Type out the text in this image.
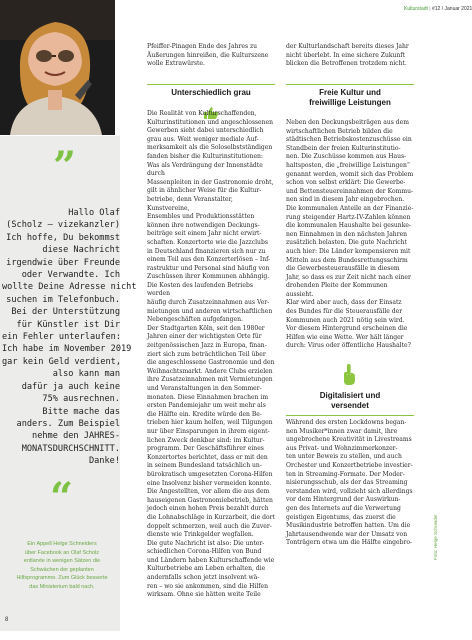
Kulturstadt | #12 / Januar 2021
”
Hallo Olaf
(Scholz – vizekanzler)
Ich hoffe, Du bekommst
diese Nachricht
irgendwie über Freunde
oder Verwandte. Ich
wollte Deine Adresse nicht
suchen im Telefonbuch.
Bei der Unterstützung
für Künstler ist Dir
ein Fehler unterlaufen:
Ich habe im November 2019
gar kein Geld verdient,
also kann man
dafür ja auch keine
75% ausrechnen.
Bitte mache das
anders. Zum Beispiel
nehme den JAHRES-
MONATSDURCHSCHNITT.
Danke!
“
Ein Appell Helge Schneiders
über Facebook an Olaf Scholz
entlarvte in wenigen Sätzen die
Schwächen der geplanten
Hilfsprogramme. Zum Glück besserte
das Ministerium bald nach.
8

Pfeiffer-Pinagen Ende des Jahres zu

Äußerungen hinreißen, die Kulturszene

wolle Extrawürste.

Unterschiedlich grau

Die Realität von Kulturschaffenden,

Kulturinstitutionen und angeschlossenen

Gewerben sieht dabei unterschiedlich

grau aus. Weit weniger mediale Auf-

merksamkeit als die Soloselbstständigen

fanden bisher die Kulturinstitutionen:

Was als Verdrängung der Innenstädte durch

Massenpleiten in der Gastronomie droht,

gilt in ähnlicher Weise für die Kultur-

betriebe, denn Veranstalter, Kunstvereine,

Ensembles und Produktionsstätten

können ihre notwendigen Deckungs-

beiträge seit einem Jahr nicht erwirt-

schaften. Konzertorte wie die Jazzclubs

in Deutschland finanzieren sich nur zu

einem Teil aus den Konzerterlösen – Inf-

rastruktur und Personal sind häufig von

Zuschüssen ihrer Kommunen abhängig.

Die Kosten des laufenden Betriebs werden

häufig durch Zusatzeinnahmen aus Ver-

mietungen und anderen wirtschaftlichen

Nebengeschäften aufgefangen.

Der Stadtgarten Köln, seit den 1980er

Jahren einer der wichtigsten Orte für

zeitgenössischen Jazz in Europa, finan-

ziert sich zum beträchtlichen Teil über

die angeschlossene Gastronomie und den

Weihnachtsmarkt. Andere Clubs erzielen

ihre Zusatzeinnahmen mit Vermietungen

und Veranstaltungen in den Sommer-

monaten. Diese Einnahmen brachen im

ersten Pandemiejahr um weit mehr als

die Hälfte ein. Kredite würde den Be-

trieben hier kaum helfen, weil Tilgungen

nur über Einsparungen in ihrem eigent-

lichen Zweck denkbar sind: im Kultur-

programm. Der Geschäftsführer eines

Konzertortes berichtet, dass er mit den

in seinem Bundesland tatsächlich un-

bürokratisch umgesetzten Corona-Hilfen

eine Insolvenz bisher vermeiden konnte.

Die Angestellten, vor allem die aus dem

hauseigenen Gastronomiebetrieb, hätten

jedoch einen hohen Preis bezahlt durch

die Lohnabschläge in Kurzarbeit, die dort

doppelt schmerzen, weil auch die Zuver-

dienste wie Trinkgelder wegfallen.

Die gute Nachricht ist also: Die unter-

schiedlichen Corona-Hilfen von Bund

und Ländern haben Kulturschaffende wie

Kulturbetriebe am Leben erhalten, die

andernfalls schon jetzt insolvent wä-

ren – wo sie ankommen, sind die Hilfen

wirksam. Ohne sie hätten weite Teile

der Kulturlandschaft bereits dieses Jahr

nicht überlebt. In eine sichere Zukunft

blicken die Betroffenen trotzdem nicht.

Freie Kultur und
freiwillige Leistungen

Neben den Deckungsbeiträgen aus dem

wirtschaftlichen Betrieb bilden die

städtischen Betriebskostenzuschüsse ein

Standbein der freien Kulturinstitutio-

nen. Die Zuschüsse kommen aus Haus-

haltsposten, die „freiwillige Leistungen“

genannt werden, womit sich das Problem

schon von selbst erklärt: Die Gewerbe-

und Bettensteuereinnahmen der Kommu-

nen sind in diesem Jahr eingebrochen.

Die kommunalen Anteile an der Finanzie-

rung steigender Hartz-IV-Zahlen können

die kommunalen Haushalte bei gesunke-

nen Einnahmen in den nächsten Jahren

zusätzlich belasten. Die gute Nachricht

auch hier: Die Länder kompensieren mit

Mitteln aus dem Bundesrettungsschirm

die Gewerbesteuerausfälle in diesem

Jahr, so dass es zur Zeit nicht nach einer

drohenden Pleite der Kommunen aussieht.

Klar wird aber auch, dass der Einsatz

des Bundes für die Steuerausfälle der

Kommunen auch 2021 nötig sein wird.

Vor diesem Hintergrund erscheinen die

Hilfen wie eine Wette. Wer hält länger

durch: Virus oder öffentliche Haushalte?

Digitalisiert und
versendet

Während des ersten Lockdowns began-

nen Musiker*innen zwar damit, ihre

ungebrochene Kreativität in Livestreams

aus Privat- und Wohnzimmerkonzer-

ten unter Beweis zu stellen, und auch

Orchester und Konzertbetriebe investier-

ten in Streaming-Formate. Der Moder-

nisierungsschub, als der das Streaming

verstanden wird, vollzieht sich allerdings

vor dem Hintergrund der Auswirkun-

gen des Internets auf die Verwertung

geistigen Eigentums, das zuerst die

Musikindustrie betroffen hatten. Um die

Jahrtausendwende war der Umsatz von

Tonträgern etwa um die Hälfte eingebro-	Foto: Helge Schneider
